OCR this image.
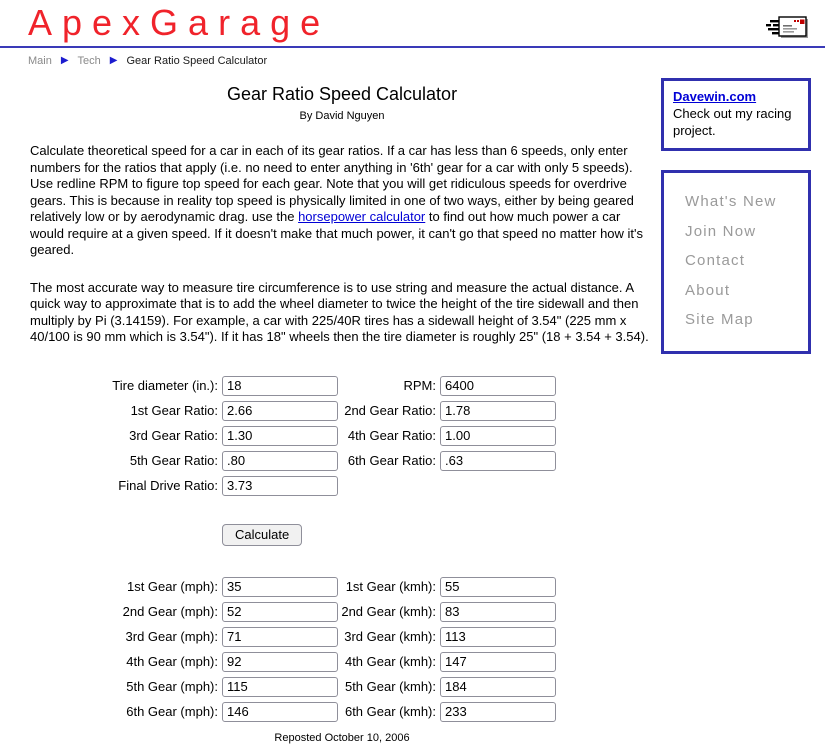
ApexGarage
Main ▶ Tech ▶ Gear Ratio Speed Calculator
Davewin.com
Check out my racing project.
What's New
Join Now
Contact
About
Site Map
Gear Ratio Speed Calculator
By David Nguyen

Calculate theoretical speed for a car in each of its gear ratios. If a car has less than 6 speeds, only enter numbers for the ratios that apply (i.e. no need to enter anything in '6th' gear for a car with only 5 speeds). Use redline RPM to figure top speed for each gear. Note that you will get ridiculous speeds for overdrive gears. This is because in reality top speed is physically limited in one of two ways, either by being geared relatively low or by aerodynamic drag. use the horsepower calculator to find out how much power a car would require at a given speed. If it doesn't make that much power, it can't go that speed no matter how it's geared.

The most accurate way to measure tire circumference is to use string and measure the actual distance. A quick way to approximate that is to add the wheel diameter to twice the height of the tire sidewall and then multiply by Pi (3.14159). For example, a car with 225/40R tires has a sidewall height of 3.54" (225 mm x 40/100 is 90 mm which is 3.54"). If it has 18" wheels then the tire diameter is roughly 25" (18 + 3.54 + 3.54).

Tire diameter (in.):
18	RPM:
6400
1st Gear Ratio:
2.66	2nd Gear Ratio:
1.78
3rd Gear Ratio:
1.30	4th Gear Ratio:
1.00
5th Gear Ratio:
.80	6th Gear Ratio:
.63
Final Drive Ratio:
3.73
Calculate
1st Gear (mph):
35	1st Gear (kmh):
55
2nd Gear (mph):
52	2nd Gear (kmh):
83
3rd Gear (mph):
71	3rd Gear (kmh):
113
4th Gear (mph):
92	4th Gear (kmh):
147
5th Gear (mph):
115	5th Gear (kmh):
184
6th Gear (mph):
146	6th Gear (kmh):
233
Reposted October 10, 2006
